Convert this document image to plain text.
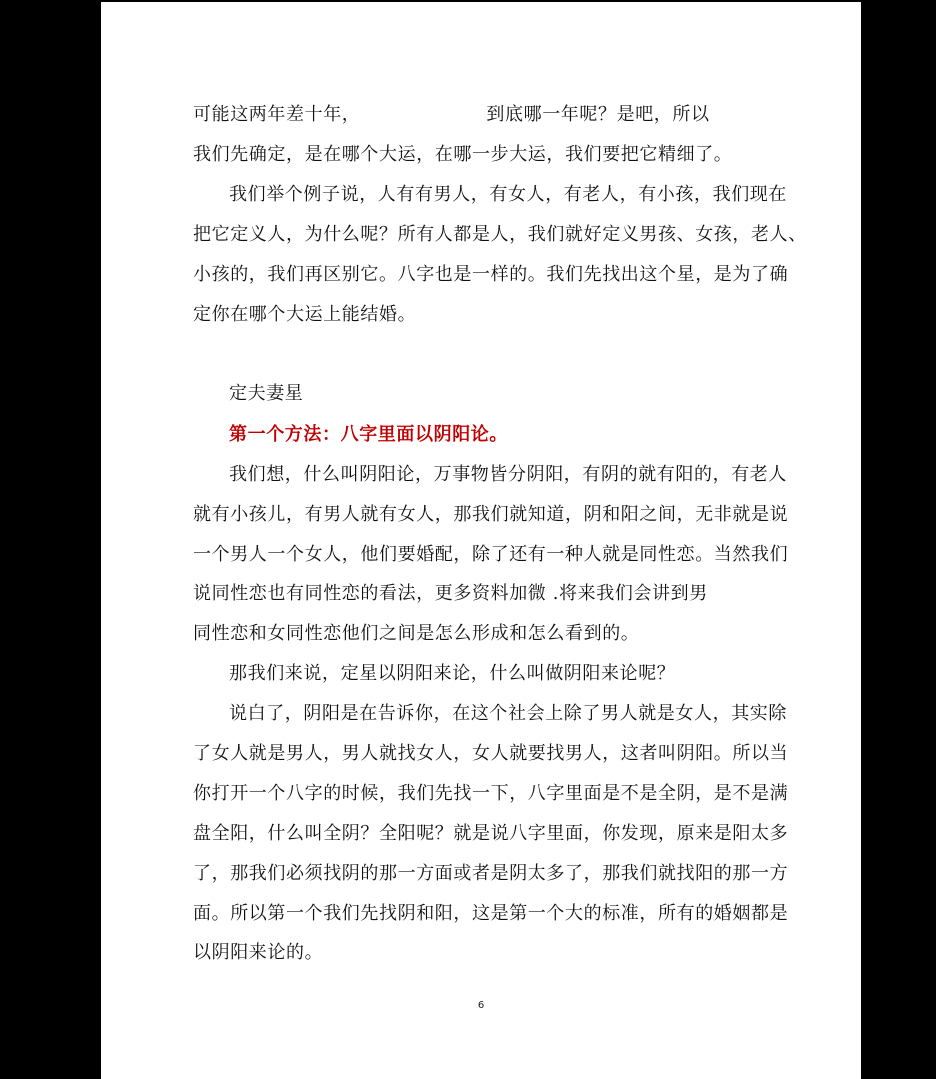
可能这两年差十年，	到底哪一年呢？是吧，所以
我们先确定，是在哪个大运，在哪一步大运，我们要把它精细了。
我们举个例子说，人有有男人，有女人，有老人，有小孩，我们现在
把它定义人，为什么呢？所有人都是人，我们就好定义男孩、女孩，老人、
小孩的，我们再区别它。八字也是一样的。我们先找出这个星，是为了确
定你在哪个大运上能结婚。
定夫妻星
第一个方法：八字里面以阴阳论。
我们想，什么叫阴阳论，万事物皆分阴阳，有阴的就有阳的，有老人
就有小孩儿，有男人就有女人，那我们就知道，阴和阳之间，无非就是说
一个男人一个女人，他们要婚配，除了还有一种人就是同性恋。当然我们
说同性恋也有同性恋的看法，更多资料加微 .将来我们会讲到男
同性恋和女同性恋他们之间是怎么形成和怎么看到的。
那我们来说，定星以阴阳来论，什么叫做阴阳来论呢？
说白了，阴阳是在告诉你，在这个社会上除了男人就是女人，其实除
了女人就是男人，男人就找女人，女人就要找男人，这者叫阴阳。所以当
你打开一个八字的时候，我们先找一下，八字里面是不是全阴，是不是满
盘全阳，什么叫全阴？全阳呢？就是说八字里面，你发现，原来是阳太多
了，那我们必须找阴的那一方面或者是阴太多了，那我们就找阳的那一方
面。所以第一个我们先找阴和阳，这是第一个大的标准，所有的婚姻都是
以阴阳来论的。
6
